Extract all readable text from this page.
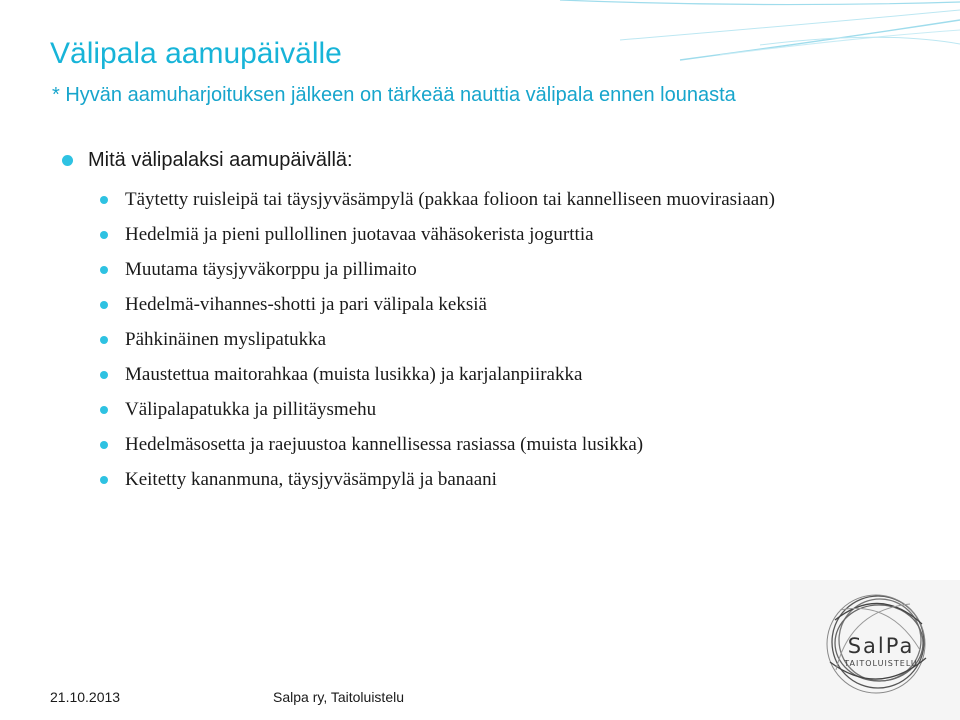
Välipala aamupäivälle
* Hyvän aamuharjoituksen jälkeen on tärkeää nauttia välipala ennen lounasta
Mitä välipalaksi aamupäivällä:
Täytetty ruisleipä tai täysjyväsämpylä (pakkaa folioon tai kannelliseen muovirasiaan)
Hedelmiä ja pieni pullollinen juotavaa vähäsokerista jogurttia
Muutama täysjyväkorppu ja pillimaito
Hedelmä-vihannes-shotti ja pari välipala keksiä
Pähkinäinen myslipatukka
Maustettua maitorahkaa (muista lusikka) ja karjalanpiirakka
Välipalapatukka ja pillitäysmehu
Hedelmäsosetta ja raejuustoa kannellisessa rasiassa (muista lusikka)
Keitetty kananmuna, täysjyväsämpylä ja banaani
21.10.2013	Salpa ry, Taitoluistelu
SalPa
TAITOLUISTELU
